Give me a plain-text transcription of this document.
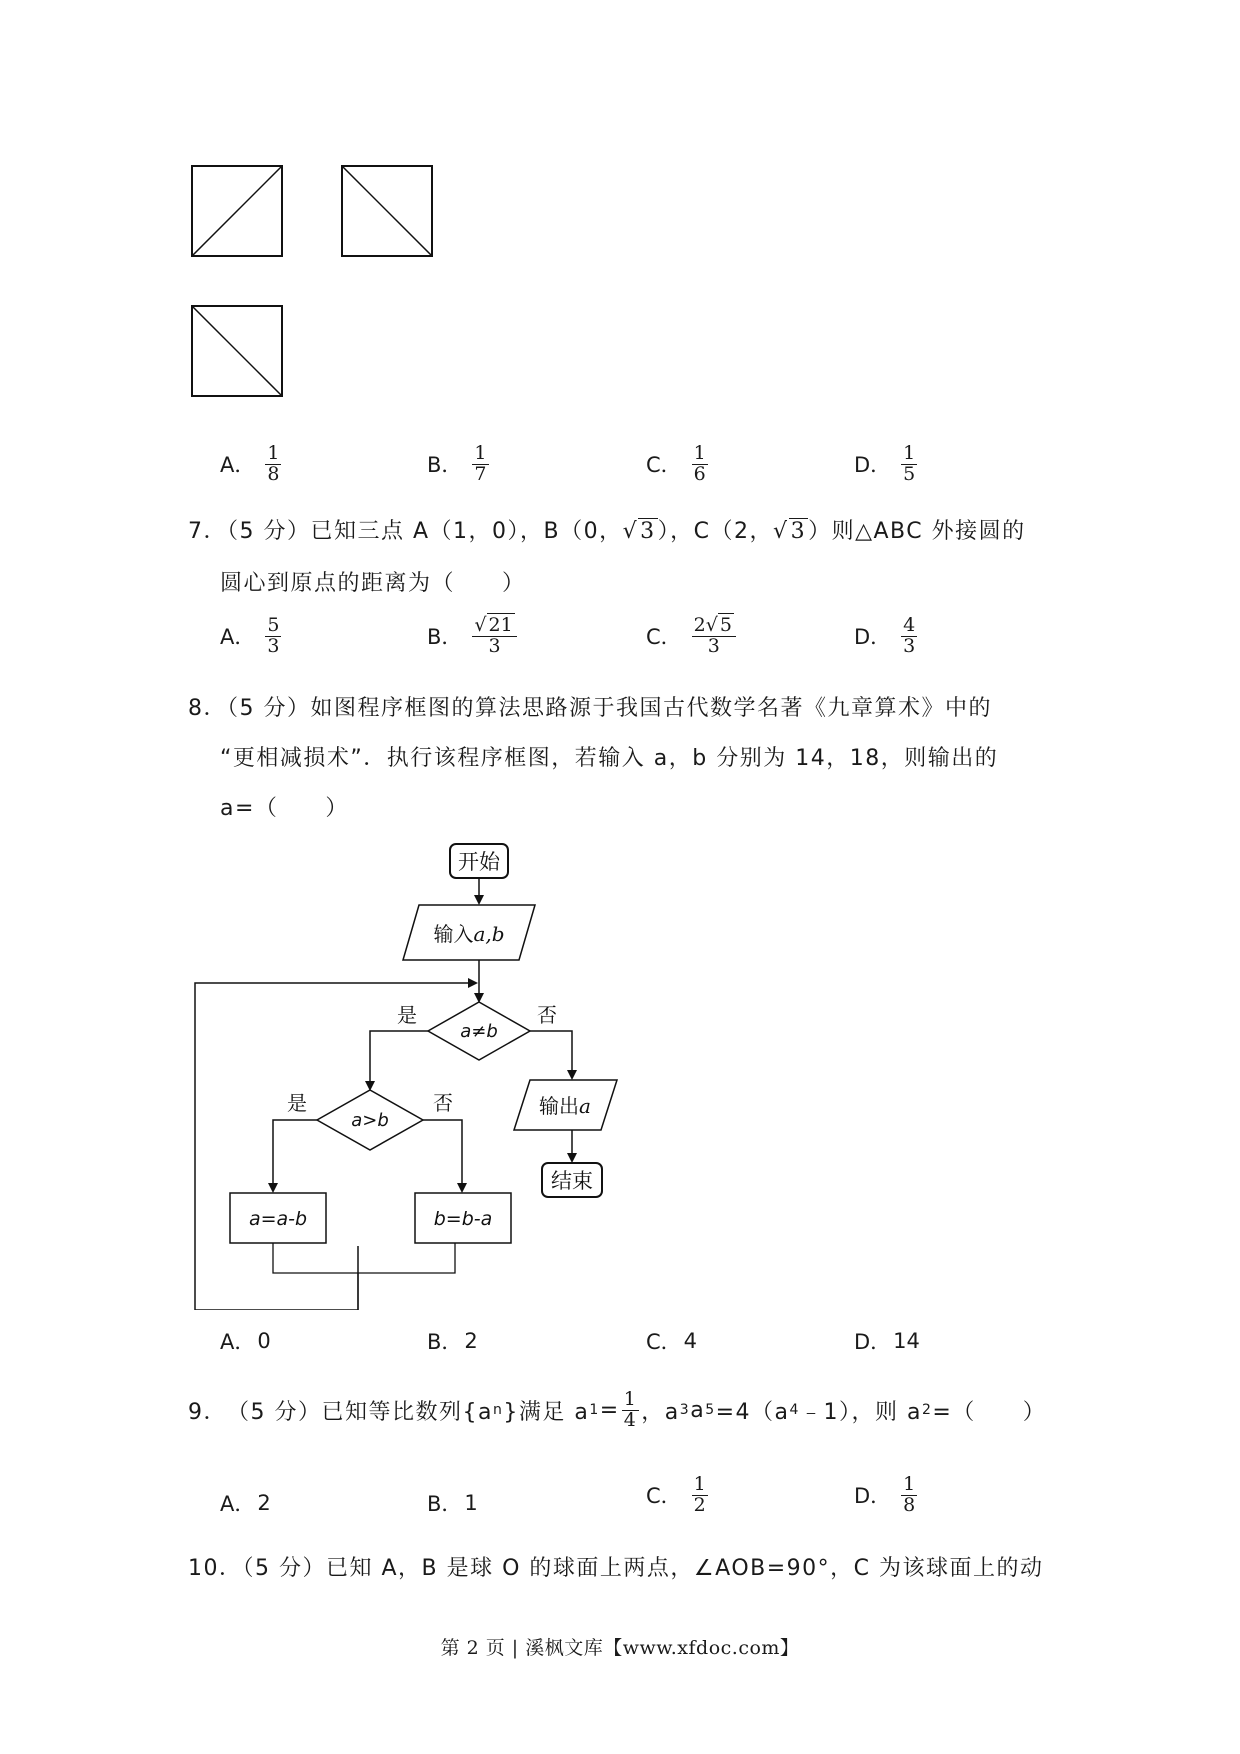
A． $\frac{1}{8}$	B． $\frac{1}{7}$	C． $\frac{1}{6}$	D． $\frac{1}{5}$
7．（5 分）已知三点 A（1，0），B（0，√3），C（2，√3）则△ABC 外接圆的
圆心到原点的距离为（　　）
A． $\frac{5}{3}$	B． $\frac{√ 21}{3}$	C． $\frac{2√ 5}{3}$	D． $\frac{4}{3}$
8．（5 分）如图程序框图的算法思路源于我国古代数学名著《九章算术》中的
“更相减损术”．执行该程序框图，若输入 a，b 分别为 14，18，则输出的
a=（　　）
开始
输入a,b
a≠b
是	否
输出a
结束
a>b
是	否
a=a-b	b=b-a
A． 0	B． 2	C． 4	D． 14
9． （5 分） 已知等比数列{a n }满足 a $1 = \frac{1}{4}$ ，a 3 a 5 =4（a 4 ﹣1），则 a 2 =（　　）
A． 2	B． 1	C． $\frac{1}{2}$	D． $\frac{1}{8}$
10．（5 分）已知 A，B 是球 O 的球面上两点，∠AOB=90°，C 为该球面上的动
第 2 页 | 溪枫文库【www.xfdoc.com】
